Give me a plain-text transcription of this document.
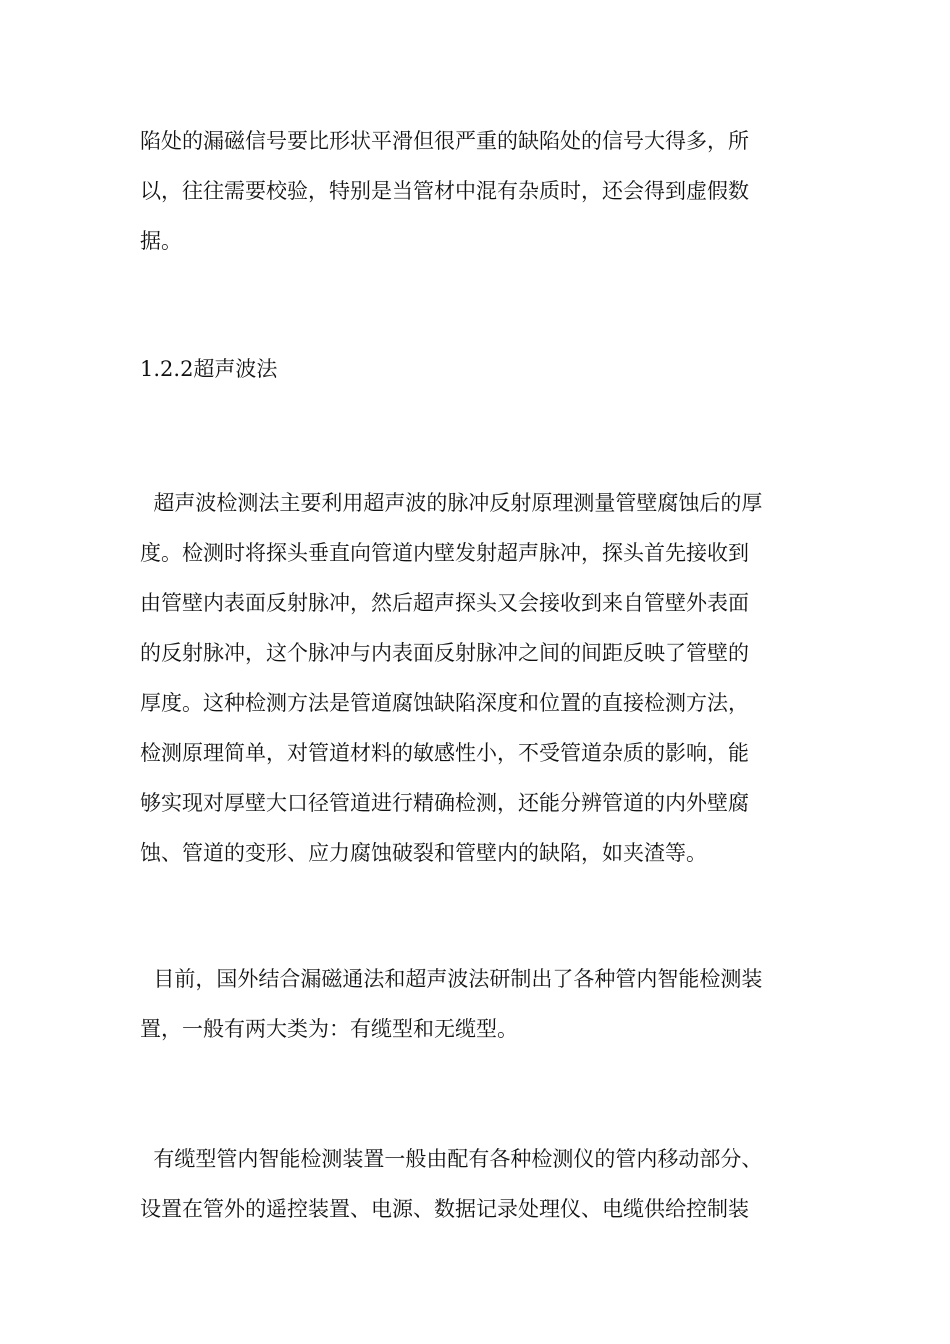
陷处的漏磁信号要比形状平滑但很严重的缺陷处的信号大得多，所
以，往往需要校验，特别是当管材中混有杂质时，还会得到虚假数
据。
1.2.2超声波法
超声波检测法主要利用超声波的脉冲反射原理测量管壁腐蚀后的厚
度。检测时将探头垂直向管道内壁发射超声脉冲，探头首先接收到
由管壁内表面反射脉冲，然后超声探头又会接收到来自管壁外表面
的反射脉冲，这个脉冲与内表面反射脉冲之间的间距反映了管壁的
厚度。这种检测方法是管道腐蚀缺陷深度和位置的直接检测方法，
检测原理简单，对管道材料的敏感性小，不受管道杂质的影响，能
够实现对厚壁大口径管道进行精确检测，还能分辨管道的内外壁腐
蚀、管道的变形、应力腐蚀破裂和管壁内的缺陷，如夹渣等。
目前，国外结合漏磁通法和超声波法研制出了各种管内智能检测装
置，一般有两大类为：有缆型和无缆型。
有缆型管内智能检测装置一般由配有各种检测仪的管内移动部分、
设置在管外的遥控装置、电源、数据记录处理仪、电缆供给控制装
